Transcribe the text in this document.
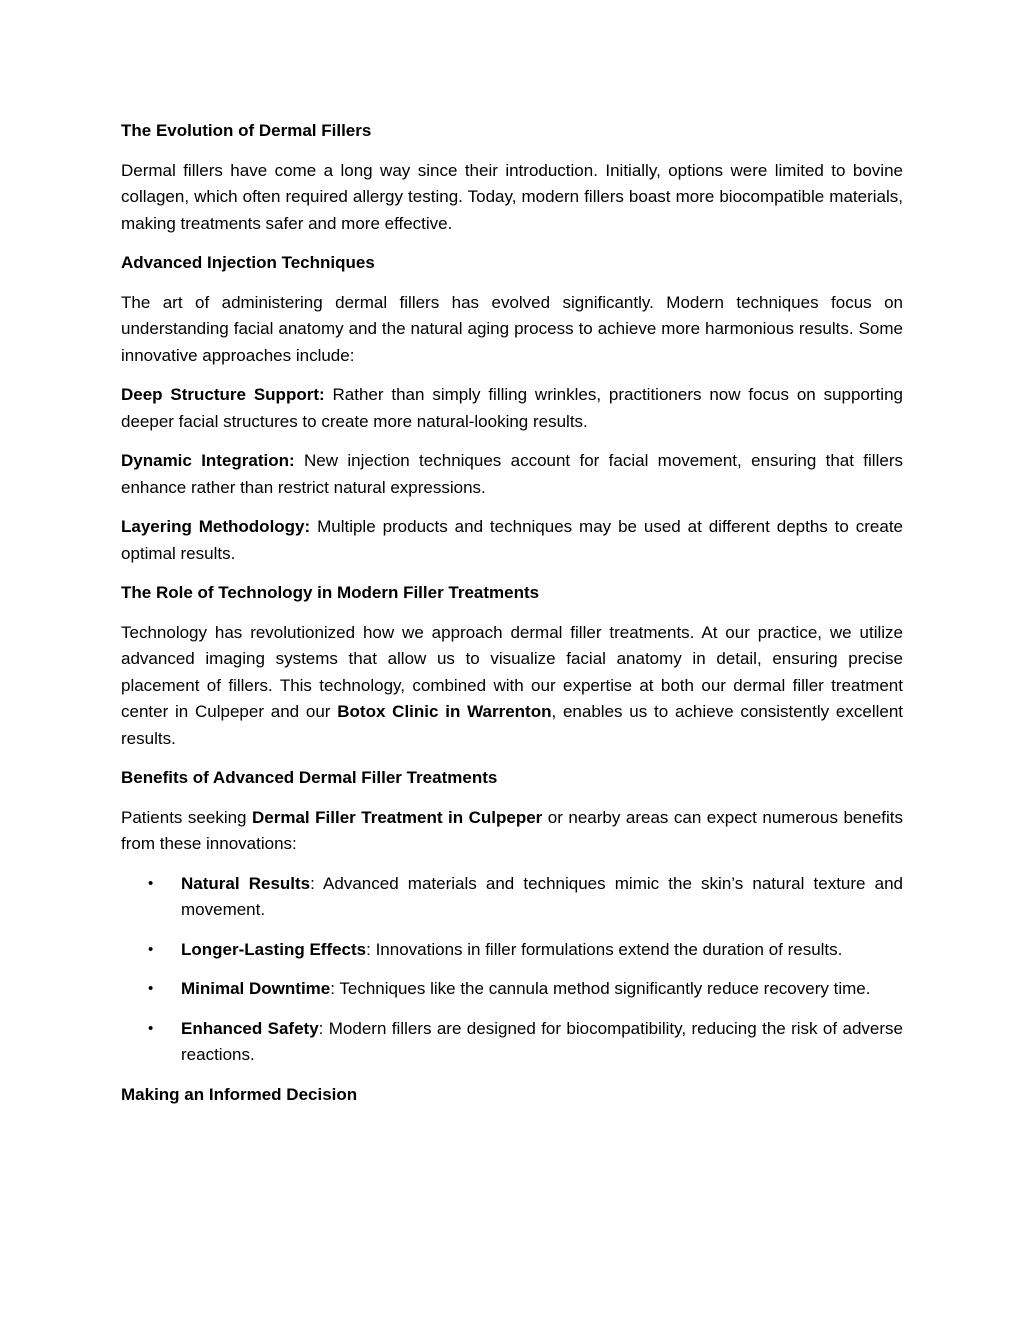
The Evolution of Dermal Fillers

Dermal fillers have come a long way since their introduction. Initially, options were limited to bovine collagen, which often required allergy testing. Today, modern fillers boast more biocompatible materials, making treatments safer and more effective.

Advanced Injection Techniques

The art of administering dermal fillers has evolved significantly. Modern techniques focus on understanding facial anatomy and the natural aging process to achieve more harmonious results. Some innovative approaches include:

Deep Structure Support: Rather than simply filling wrinkles, practitioners now focus on supporting deeper facial structures to create more natural-looking results.

Dynamic Integration: New injection techniques account for facial movement, ensuring that fillers enhance rather than restrict natural expressions.

Layering Methodology: Multiple products and techniques may be used at different depths to create optimal results.

The Role of Technology in Modern Filler Treatments

Technology has revolutionized how we approach dermal filler treatments. At our practice, we utilize advanced imaging systems that allow us to visualize facial anatomy in detail, ensuring precise placement of fillers. This technology, combined with our expertise at both our dermal filler treatment center in Culpeper and our Botox Clinic in Warrenton, enables us to achieve consistently excellent results.

Benefits of Advanced Dermal Filler Treatments

Patients seeking Dermal Filler Treatment in Culpeper or nearby areas can expect numerous benefits from these innovations:

• Natural Results: Advanced materials and techniques mimic the skin’s natural texture and movement.
• Longer-Lasting Effects: Innovations in filler formulations extend the duration of results.
• Minimal Downtime: Techniques like the cannula method significantly reduce recovery time.
• Enhanced Safety: Modern fillers are designed for biocompatibility, reducing the risk of adverse reactions.
Making an Informed Decision
